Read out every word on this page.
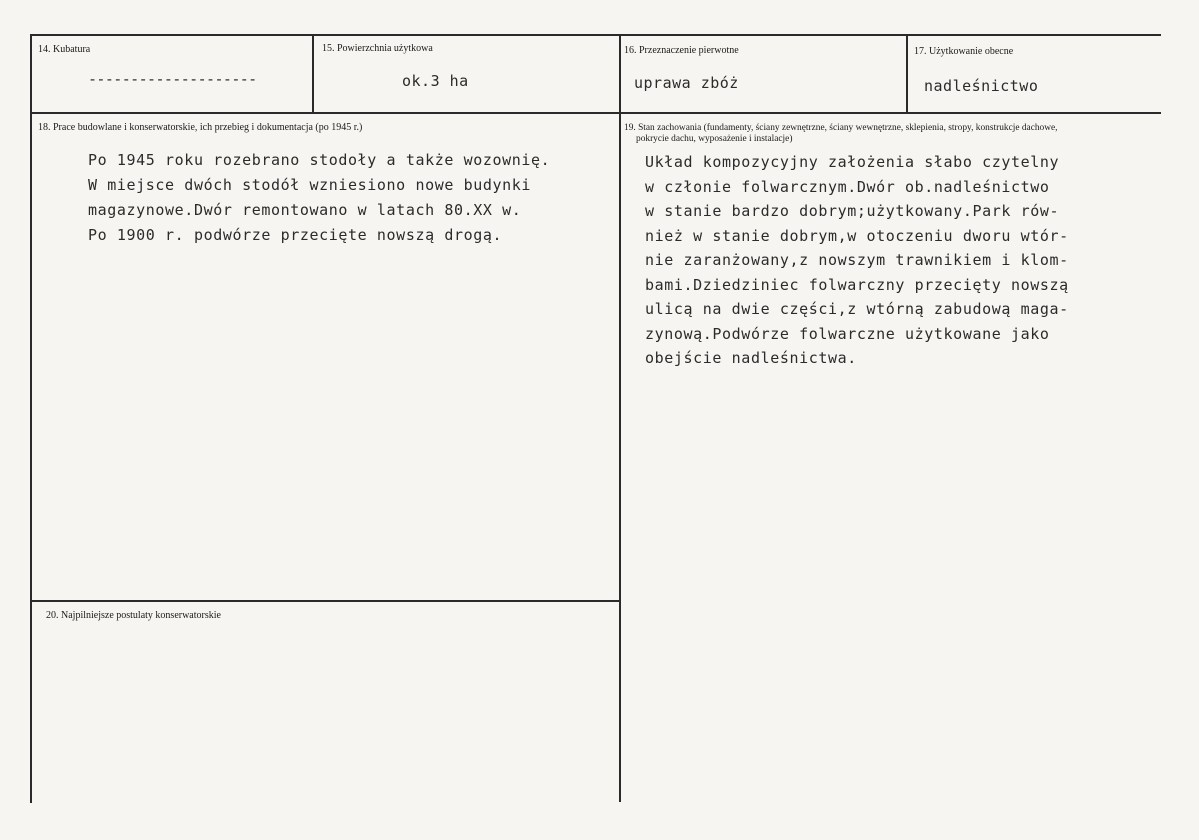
14. Kubatura
--------------------
15. Powierzchnia użytkowa
ok.3 ha
16. Przeznaczenie pierwotne
uprawa zbóż
17. Użytkowanie obecne
nadleśnictwo
18. Prace budowlane i konserwatorskie, ich przebieg i dokumentacja (po 1945 r.)
Po 1945 roku rozebrano stodoły a także wozownię.
W miejsce dwóch stodół wzniesiono nowe budynki
magazynowe.Dwór remontowano w latach 80.XX w.
Po 1900 r. podwórze przecięte nowszą drogą.
19. Stan zachowania (fundamenty, ściany zewnętrzne, ściany wewnętrzne, sklepienia, stropy, konstrukcje dachowe,
pokrycie dachu, wyposażenie i instalacje)
Układ kompozycyjny założenia słabo czytelny
w członie folwarcznym.Dwór ob.nadleśnictwo
w stanie bardzo dobrym;użytkowany.Park rów-
nież w stanie dobrym,w otoczeniu dworu wtór-
nie zaranżowany,z nowszym trawnikiem i klom-
bami.Dziedziniec folwarczny przecięty nowszą
ulicą na dwie części,z wtórną zabudową maga-
zynową.Podwórze folwarczne użytkowane jako
obejście nadleśnictwa.
20. Najpilniejsze postulaty konserwatorskie
